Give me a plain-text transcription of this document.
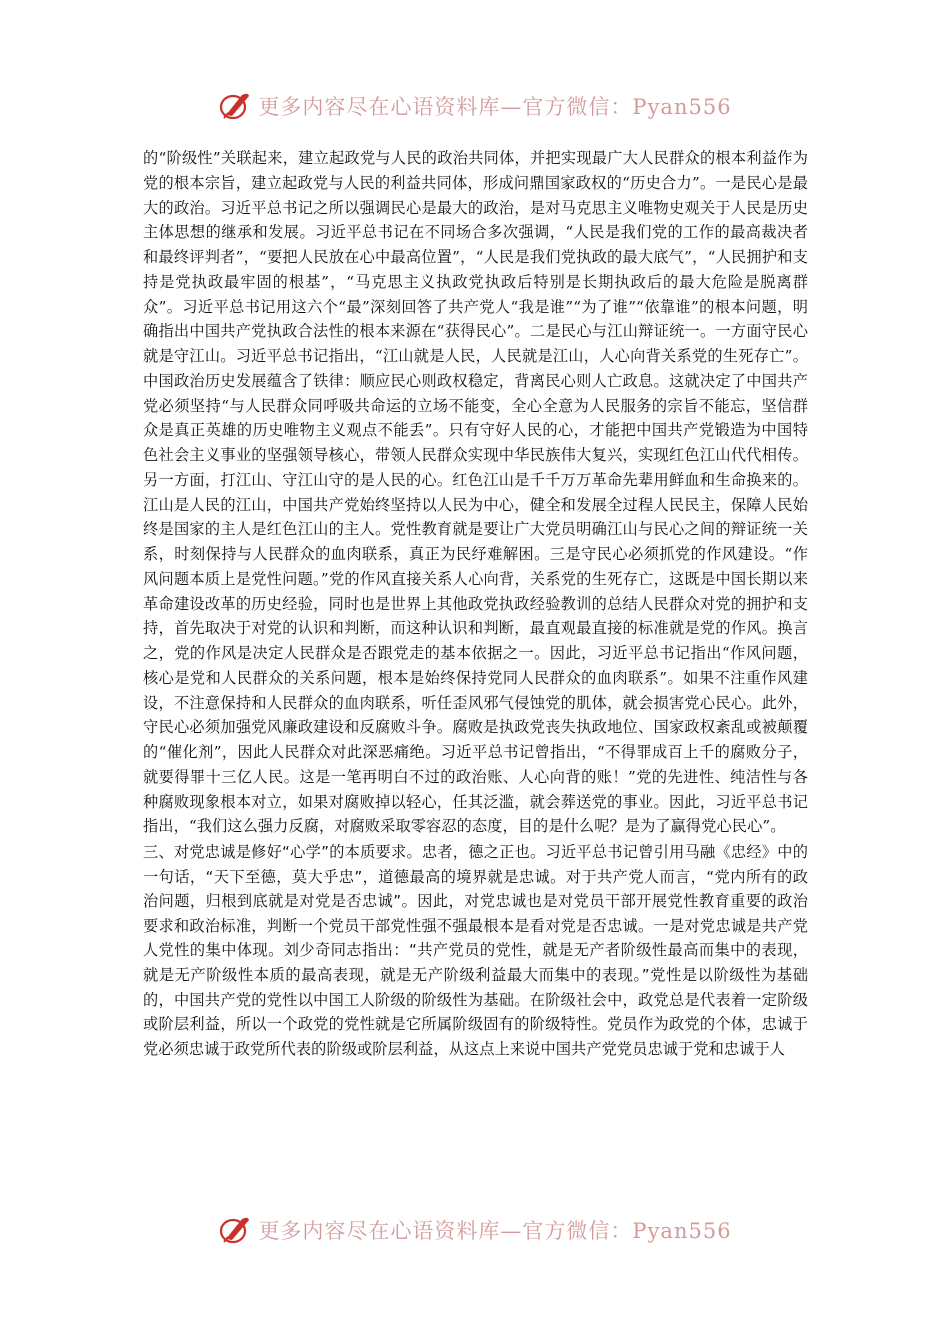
更多内容尽在心语资料库—官方微信：Pyan556

的“阶级性”关联起来，建立起政党与人民的政治共同体，并把实现最广大人民群众的根本利益作为党的根本宗旨，建立起政党与人民的利益共同体，形成问鼎国家政权的“历史合力”。一是民心是最大的政治。习近平总书记之所以强调民心是最大的政治，是对马克思主义唯物史观关于人民是历史主体思想的继承和发展。习近平总书记在不同场合多次强调，“人民是我们党的工作的最高裁决者和最终评判者”，“要把人民放在心中最高位置”，“人民是我们党执政的最大底气”，“人民拥护和支持是党执政最牢固的根基”，“马克思主义执政党执政后特别是长期执政后的最大危险是脱离群众”。习近平总书记用这六个“最”深刻回答了共产党人“我是谁”“为了谁”“依靠谁”的根本问题，明确指出中国共产党执政合法性的根本来源在“获得民心”。二是民心与江山辩证统一。一方面守民心就是守江山。习近平总书记指出，“江山就是人民，人民就是江山，人心向背关系党的生死存亡”。中国政治历史发展蕴含了铁律：顺应民心则政权稳定，背离民心则人亡政息。这就决定了中国共产党必须坚持“与人民群众同呼吸共命运的立场不能变，全心全意为人民服务的宗旨不能忘，坚信群众是真正英雄的历史唯物主义观点不能丢”。只有守好人民的心，才能把中国共产党锻造为中国特色社会主义事业的坚强领导核心，带领人民群众实现中华民族伟大复兴，实现红色江山代代相传。另一方面，打江山、守江山守的是人民的心。红色江山是千千万万革命先辈用鲜血和生命换来的。江山是人民的江山，中国共产党始终坚持以人民为中心，健全和发展全过程人民民主，保障人民始终是国家的主人是红色江山的主人。党性教育就是要让广大党员明确江山与民心之间的辩证统一关系，时刻保持与人民群众的血肉联系，真正为民纾难解困。三是守民心必须抓党的作风建设。“作风问题本质上是党性问题。”党的作风直接关系人心向背，关系党的生死存亡，这既是中国长期以来革命建设改革的历史经验，同时也是世界上其他政党执政经验教训的总结人民群众对党的拥护和支持，首先取决于对党的认识和判断，而这种认识和判断，最直观最直接的标准就是党的作风。换言之，党的作风是决定人民群众是否跟党走的基本依据之一。因此，习近平总书记指出“作风问题，核心是党和人民群众的关系问题，根本是始终保持党同人民群众的血肉联系”。如果不注重作风建设，不注意保持和人民群众的血肉联系，听任歪风邪气侵蚀党的肌体，就会损害党心民心。此外，守民心必须加强党风廉政建设和反腐败斗争。腐败是执政党丧失执政地位、国家政权紊乱或被颠覆的“催化剂”，因此人民群众对此深恶痛绝。习近平总书记曾指出，“不得罪成百上千的腐败分子，就要得罪十三亿人民。这是一笔再明白不过的政治账、人心向背的账！”党的先进性、纯洁性与各种腐败现象根本对立，如果对腐败掉以轻心，任其泛滥，就会葬送党的事业。因此，习近平总书记指出，“我们这么强力反腐，对腐败采取零容忍的态度，目的是什么呢？是为了赢得党心民心”。

三、对党忠诚是修好“心学”的本质要求。忠者，德之正也。习近平总书记曾引用马融《忠经》中的一句话，“天下至德，莫大乎忠”，道德最高的境界就是忠诚。对于共产党人而言，“党内所有的政治问题，归根到底就是对党是否忠诚”。因此，对党忠诚也是对党员干部开展党性教育重要的政治要求和政治标准，判断一个党员干部党性强不强最根本是看对党是否忠诚。一是对党忠诚是共产党人党性的集中体现。刘少奇同志指出：“共产党员的党性，就是无产者阶级性最高而集中的表现，就是无产阶级性本质的最高表现，就是无产阶级利益最大而集中的表现。”党性是以阶级性为基础的，中国共产党的党性以中国工人阶级的阶级性为基础。在阶级社会中，政党总是代表着一定阶级或阶层利益，所以一个政党的党性就是它所属阶级固有的阶级特性。党员作为政党的个体，忠诚于党必须忠诚于政党所代表的阶级或阶层利益，从这点上来说中国共产党党员忠诚于党和忠诚于人

更多内容尽在心语资料库—官方微信：Pyan556
